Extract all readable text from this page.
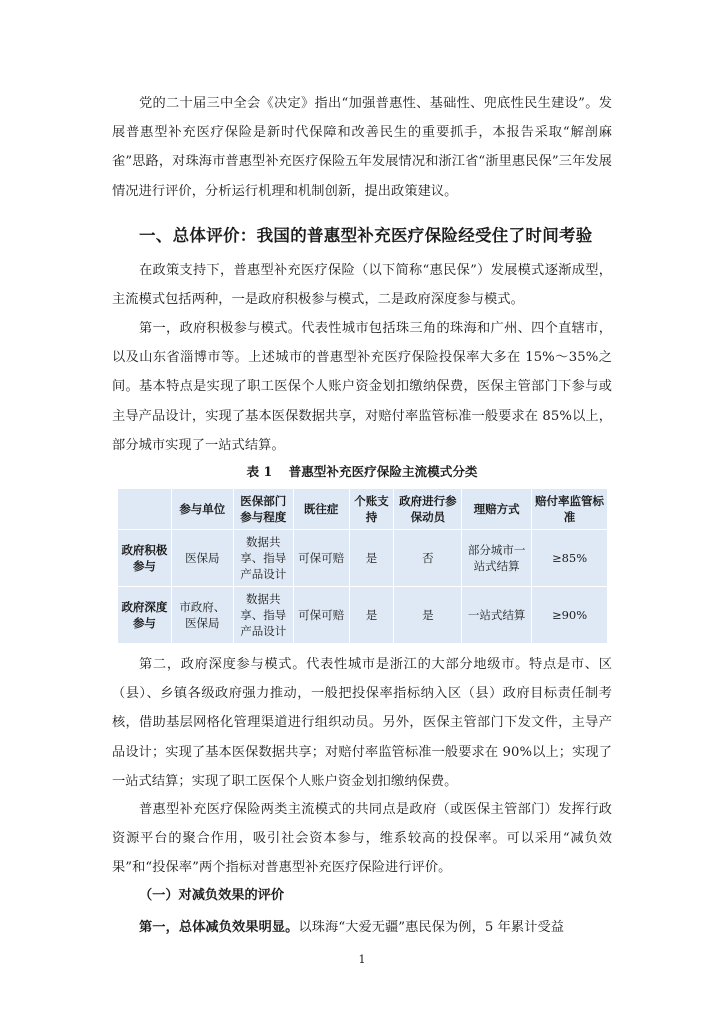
党的二十届三中全会《决定》指出“加强普惠性、基础性、兜底性民生建设”。发展普惠型补充医疗保险是新时代保障和改善民生的重要抓手，本报告采取“解剖麻雀”思路，对珠海市普惠型补充医疗保险五年发展情况和浙江省“浙里惠民保”三年发展情况进行评价，分析运行机理和机制创新，提出政策建议。

一、总体评价：我国的普惠型补充医疗保险经受住了时间考验

在政策支持下，普惠型补充医疗保险（以下简称“惠民保”）发展模式逐渐成型，主流模式包括两种，一是政府积极参与模式，二是政府深度参与模式。

第一，政府积极参与模式。代表性城市包括珠三角的珠海和广州、四个直辖市，以及山东省淄博市等。上述城市的普惠型补充医疗保险投保率大多在 15%～35%之间。基本特点是实现了职工医保个人账户资金划扣缴纳保费，医保主管部门下参与或主导产品设计，实现了基本医保数据共享，对赔付率监管标准一般要求在 85%以上，部分城市实现了一站式结算。

表 1 普惠型补充医疗保险主流模式分类

	参与单位	医保部门参与程度	既往症	个账支持	政府进行参保动员	理赔方式	赔付率监管标准
政府积极参与	医保局	数据共享、指导产品设计	可保可赔	是	否	部分城市一站式结算	≥85%
政府深度参与	市政府、医保局	数据共享、指导产品设计	可保可赔	是	是	一站式结算	≥90%

第二，政府深度参与模式。代表性城市是浙江的大部分地级市。特点是市、区（县）、乡镇各级政府强力推动，一般把投保率指标纳入区（县）政府目标责任制考核，借助基层网格化管理渠道进行组织动员。另外，医保主管部门下发文件，主导产品设计；实现了基本医保数据共享；对赔付率监管标准一般要求在 90%以上；实现了一站式结算；实现了职工医保个人账户资金划扣缴纳保费。

普惠型补充医疗保险两类主流模式的共同点是政府（或医保主管部门）发挥行政资源平台的聚合作用，吸引社会资本参与，维系较高的投保率。可以采用“减负效果”和“投保率”两个指标对普惠型补充医疗保险进行评价。

（一）对减负效果的评价

第一，总体减负效果明显。以珠海“大爱无疆”惠民保为例，5 年累计受益

1
